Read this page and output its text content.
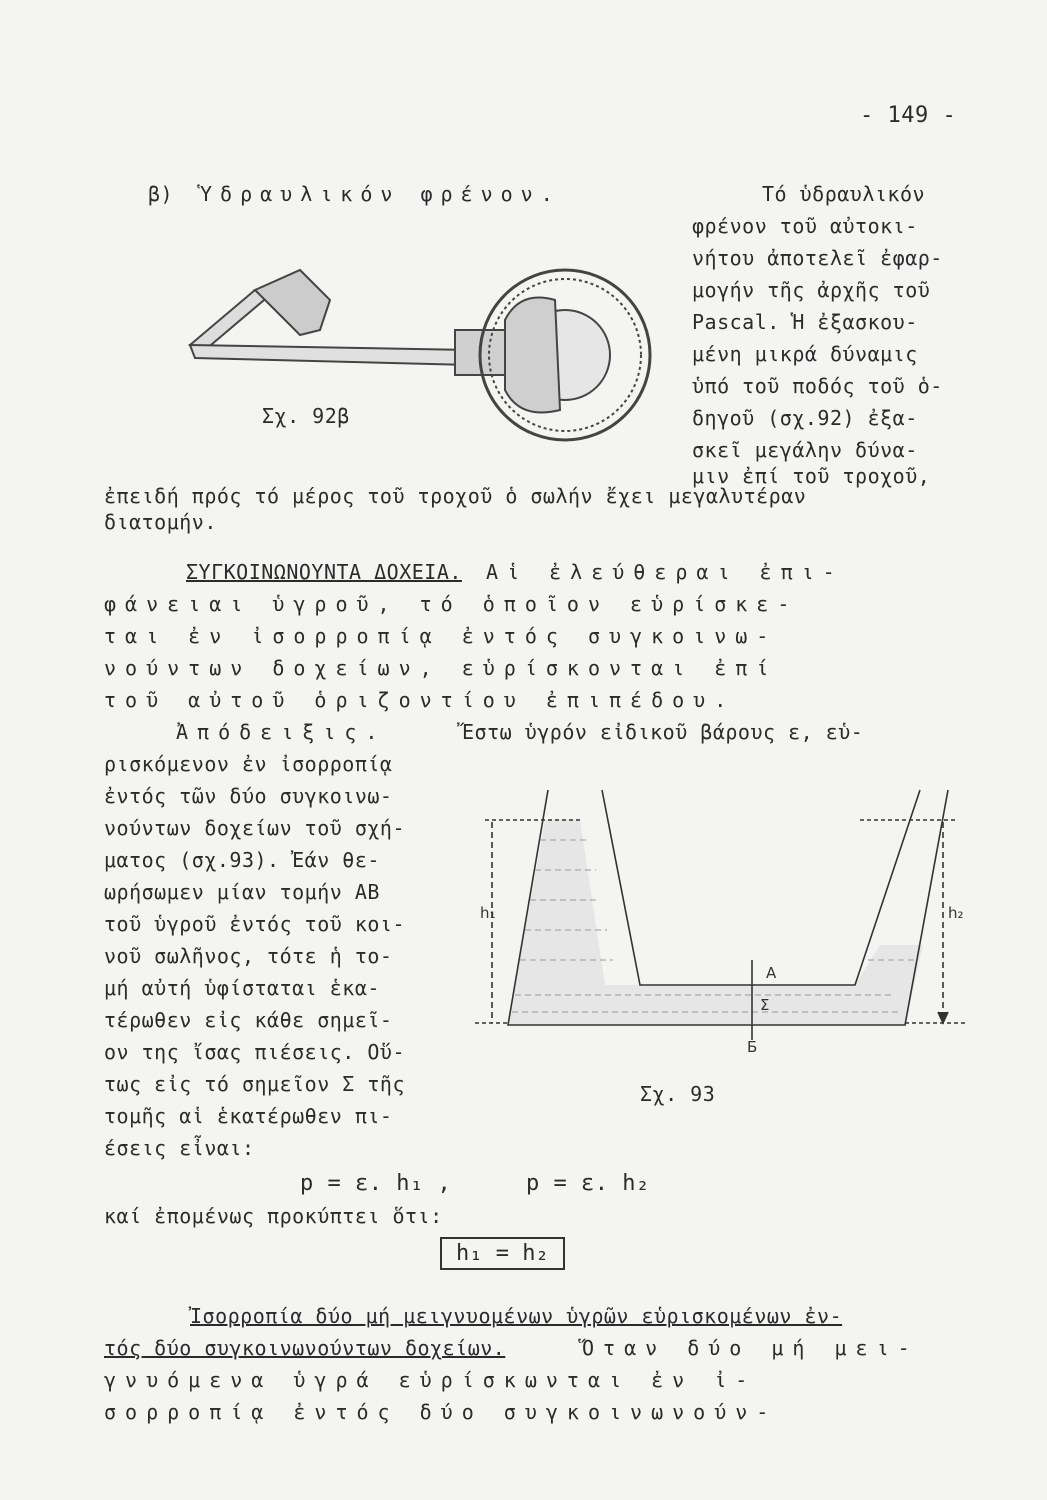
- 149 -
β) Ὑδραυλικόν φρένον.	Τό ὑδραυλικόν
φρένον τοῦ αὐτοκι-
νήτου ἀποτελεῖ ἐφαρ-
μογήν τῆς ἀρχῆς τοῦ
Pascal. Ἡ ἐξασκου-
μένη μικρά δύναμις
ὑπό τοῦ ποδός τοῦ ὁ-
δηγοῦ (σχ.92) ἐξα-
σκεῖ μεγάλην δύνα-
μιν ἐπί τοῦ τροχοῦ,
Σχ. 92β
ἐπειδή πρός τό μέρος τοῦ τροχοῦ ὁ σωλήν ἔχει μεγαλυτέραν
διατομήν.
ΣΥΓΚΟΙΝΩΝΟΥΝΤΑ ΔΟΧΕΙΑ. Αἱ ἐλεύθεραι ἐπι-
φάνειαι ὑγροῦ, τό ὁποῖον εὑρίσκε-
ται ἐν ἰσορροπίᾳ ἐντός συγκοινω-
νούντων δοχείων, εὑρίσκονται ἐπί
τοῦ αὐτοῦ ὁριζοντίου ἐπιπέδου.
Ἀπόδειξις.	Ἔστω ὑγρόν εἰδικοῦ βάρους ε, εὑ-
ρισκόμενον ἐν ἰσορροπίᾳ
ἐντός τῶν δύο συγκοινω-
νούντων δοχείων τοῦ σχή-
ματος (σχ.93). Ἐάν θε-
ωρήσωμεν μίαν τομήν ΑΒ
τοῦ ὑγροῦ ἐντός τοῦ κοι-
νοῦ σωλῆνος, τότε ἡ το-
μή αὐτή ὑφίσταται ἑκα-
τέρωθεν εἰς κάθε σημεῖ-
ον της ἴσας πιέσεις. Οὕ-
τως εἰς τό σημεῖον Σ τῆς
τομῆς αἱ ἑκατέρωθεν πι-
έσεις εἶναι:
h₁	h₂
A
Σ
Б
Σχ. 93
p = ε. h₁ ,	p = ε. h₂
καί ἐπομένως προκύπτει ὅτι:
h₁ = h₂
Ἰσορροπία δύο μή μειγνυομένων ὑγρῶν εὑρισκομένων ἐν-
τός δύο συγκοινωνούντων δοχείων.	Ὅταν δύο μή μει-
γνυόμενα ὑγρά εὑρίσκωνται ἐν ἰ-
σορροπίᾳ ἐντός δύο συγκοινωνούν-
